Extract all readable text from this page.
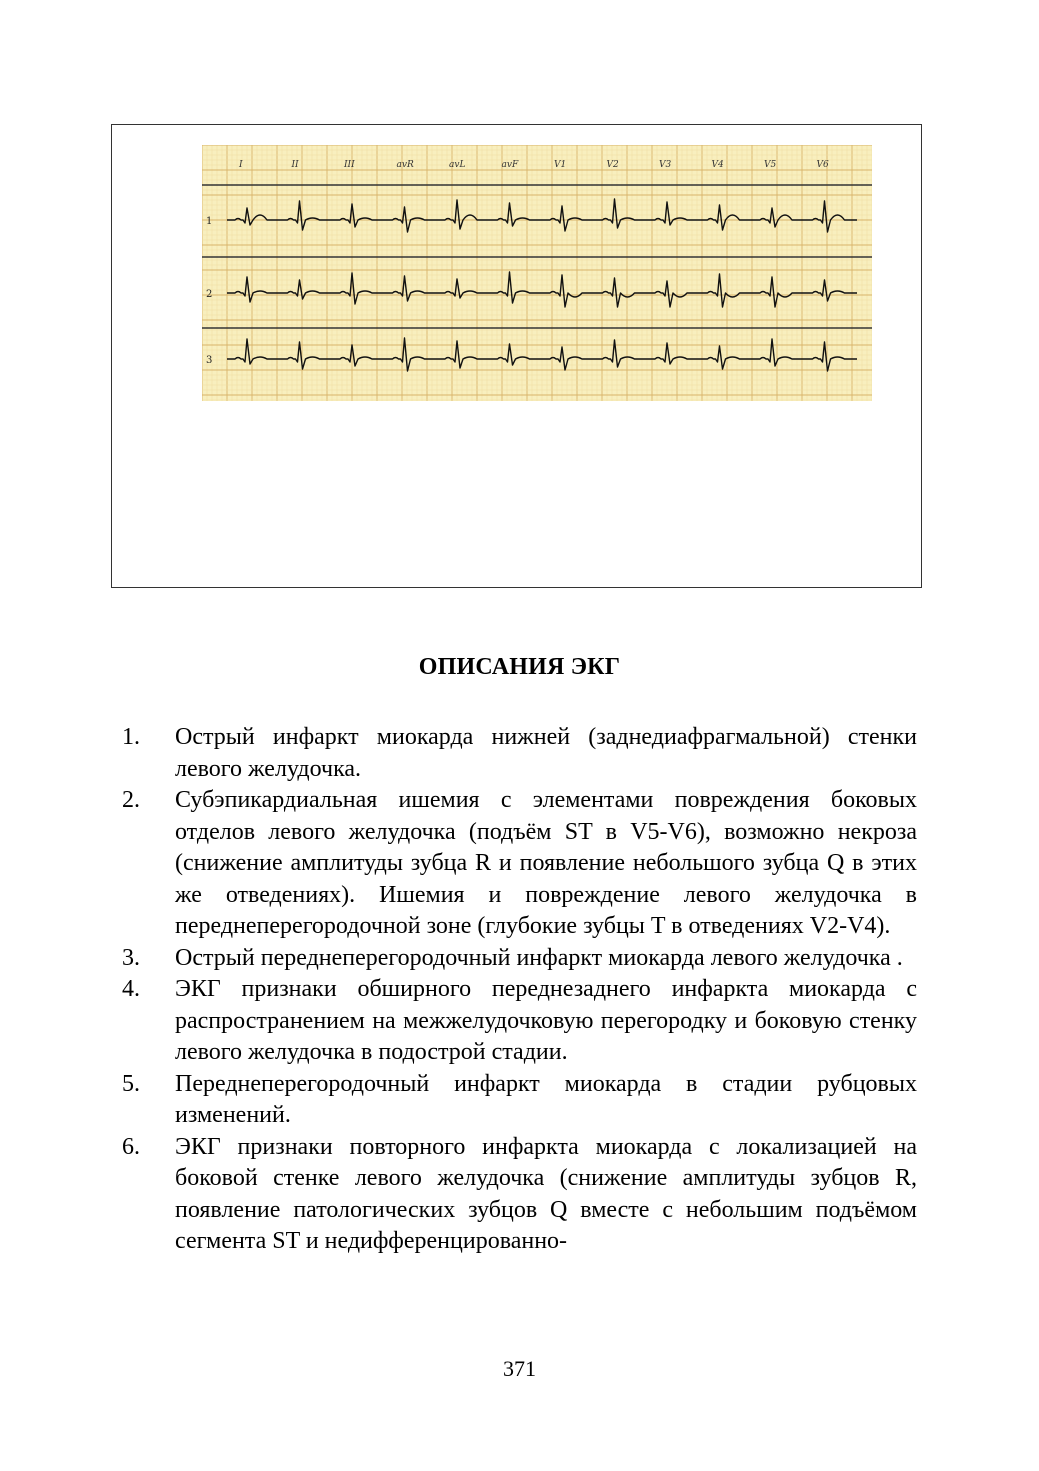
I	II	III	avR	avL	avF	V1	V2	V3	V4	V5	V6
1
2
3
ОПИСАНИЯ ЭКГ
1. Острый инфаркт миокарда нижней (заднедиафрагмальной) стенки левого желудочка.
2. Субэпикардиальная ишемия с элементами повреждения боковых отделов левого желудочка (подъём ST в V5-V6), возможно некроза (снижение амплитуды зубца R и появление небольшого зубца Q в этих же отведениях). Ишемия и повреждение левого желудочка в переднеперегородочной зоне (глубокие зубцы T в отведениях V2-V4).
3. Острый переднеперегородочный инфаркт миокарда левого желудочка .
4. ЭКГ признаки обширного переднезаднего инфаркта миокарда с распространением на межжелудочковую перегородку и боковую стенку левого желудочка в подострой стадии.
5. Переднеперегородочный инфаркт миокарда в стадии рубцовых изменений.
6. ЭКГ признаки повторного инфаркта миокарда с локализацией на боковой стенке левого желудочка (снижение амплитуды зубцов R, появление патологических зубцов Q вместе с небольшим подъёмом сегмента ST и недифференцированно-
371
